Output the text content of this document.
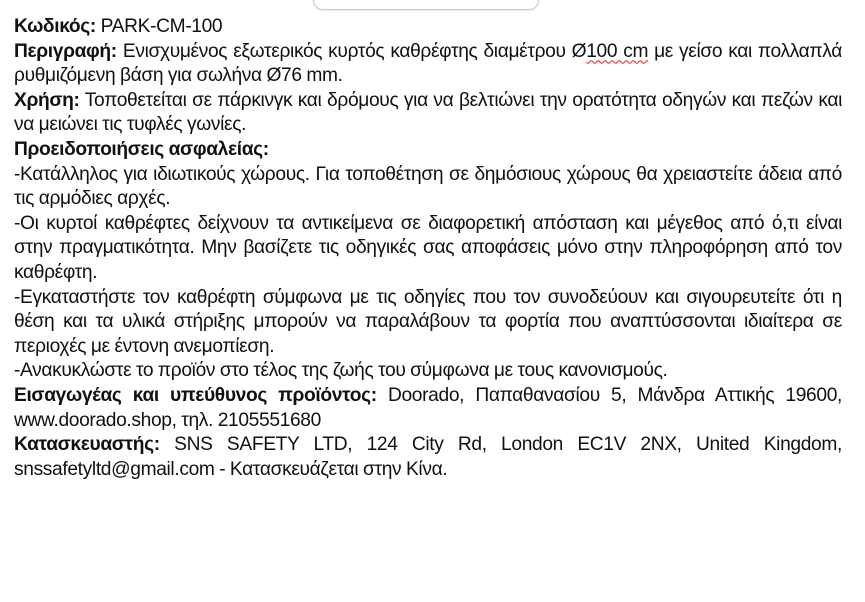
Κωδικός: PARK-CM-100

Περιγραφή: Ενισχυμένος εξωτερικός κυρτός καθρέφτης διαμέτρου Ø100 cm με γείσο και πολλαπλά ρυθμιζόμενη βάση για σωλήνα Ø76 mm.

Χρήση: Τοποθετείται σε πάρκινγκ και δρόμους για να βελτιώνει την ορατότητα οδηγών και πεζών και να μειώνει τις τυφλές γωνίες.

Προειδοποιήσεις ασφαλείας:

-Κατάλληλος για ιδιωτικούς χώρους. Για τοποθέτηση σε δημόσιους χώρους θα χρειαστείτε άδεια από τις αρμόδιες αρχές.

-Οι κυρτοί καθρέφτες δείχνουν τα αντικείμενα σε διαφορετική απόσταση και μέγεθος από ό,τι είναι στην πραγματικότητα. Μην βασίζετε τις οδηγικές σας αποφάσεις μόνο στην πληροφόρηση από τον καθρέφτη.

-Εγκαταστήστε τον καθρέφτη σύμφωνα με τις οδηγίες που τον συνοδεύουν και σιγουρευτείτε ότι η θέση και τα υλικά στήριξης μπορούν να παραλάβουν τα φορτία που αναπτύσσονται ιδιαίτερα σε περιοχές με έντονη ανεμοπίεση.

-Ανακυκλώστε το προϊόν στο τέλος της ζωής του σύμφωνα με τους κανονισμούς.

Εισαγωγέας και υπεύθυνος προϊόντος: Doorado, Παπαθανασίου 5, Μάνδρα Αττικής 19600, www.doorado.shop, τηλ. 2105551680

Κατασκευαστής: SNS SAFETY LTD, 124 City Rd, London EC1V 2NX, United Kingdom, snssafetyltd@gmail.com - Κατασκευάζεται στην Κίνα.
